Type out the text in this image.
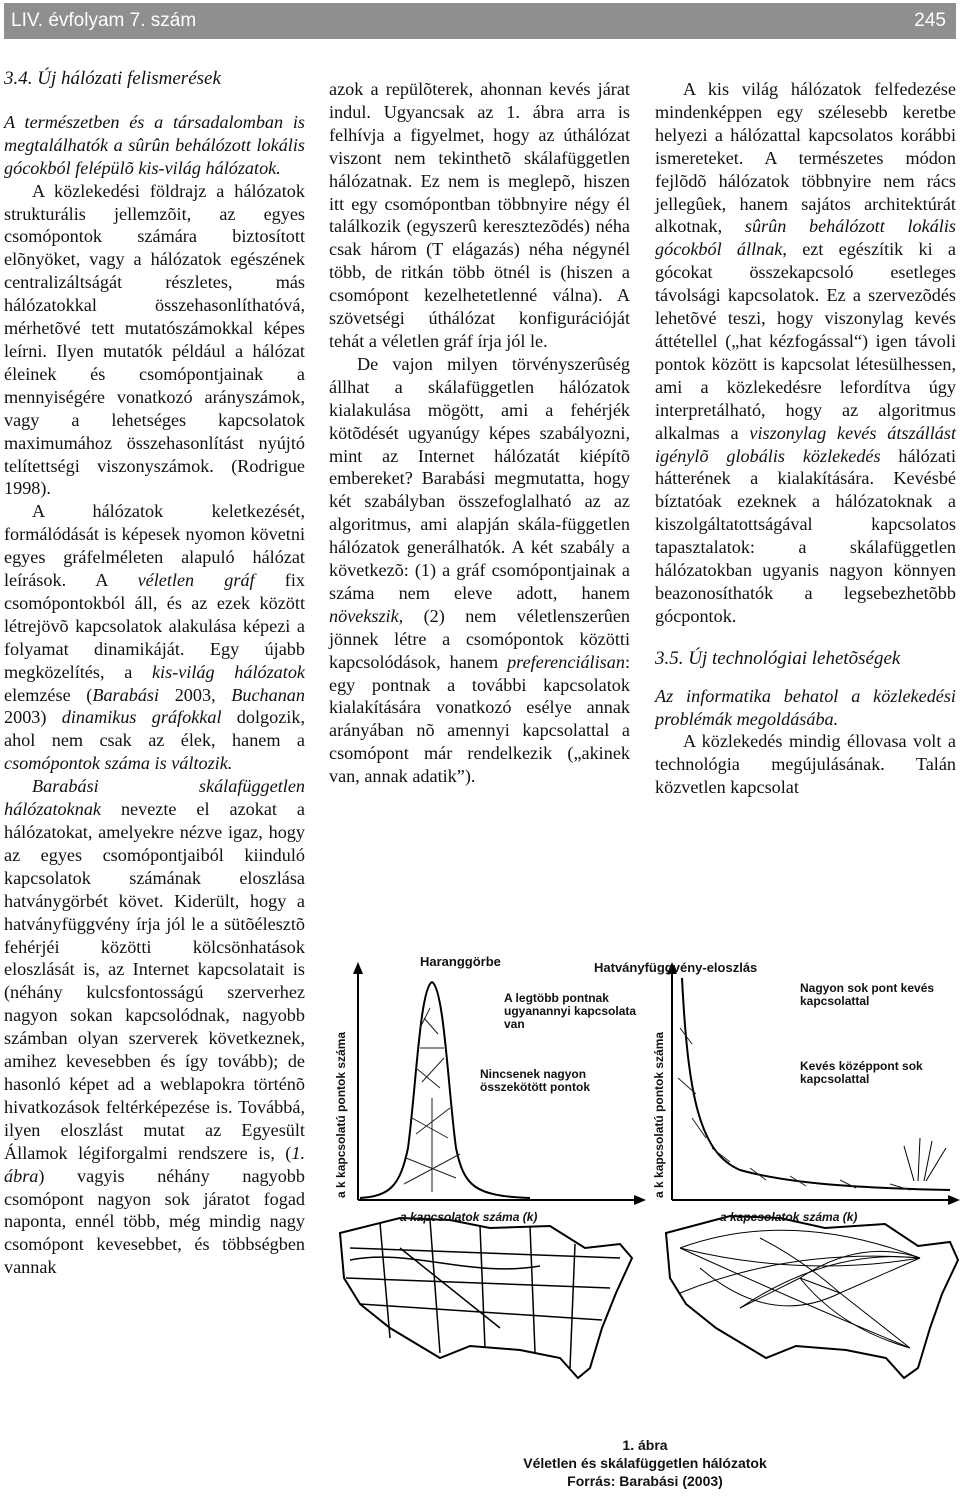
LIV. évfolyam 7. szám	245

3.4. Új hálózati felismerések

A természetben és a társadalomban is megtalálhatók a sûrûn behálózott lokális gócokból felépülõ kis-világ hálózatok.

A közlekedési földrajz a hálózatok strukturális jellemzõit, az egyes csomópontok számára biztosított elõnyöket, vagy a hálózatok egészének centralizáltságát részletes, más hálózatokkal összehasonlíthatóvá, mérhetõvé tett mutatószámokkal képes leírni. Ilyen mutatók például a hálózat éleinek és csomópontjainak a mennyiségére vonatkozó arányszámok, vagy a lehetséges kapcsolatok maximumához összehasonlítást nyújtó telítettségi viszonyszámok. (Rodrigue 1998).

A hálózatok keletkezését, formálódását is képesek nyomon követni egyes gráfelméleten alapuló hálózat leírások. A véletlen gráf fix csomópontokból áll, és az ezek között létrejövõ kapcsolatok alakulása képezi a folyamat dinamikáját. Egy újabb megközelítés, a kis-világ hálózatok elemzése (Barabási 2003, Buchanan 2003) dinamikus gráfokkal dolgozik, ahol nem csak az élek, hanem a csomópontok száma is változik.

Barabási skálafüggetlen hálózatoknak nevezte el azokat a hálózatokat, amelyekre nézve igaz, hogy az egyes csomópontjaiból kiinduló kapcsolatok számának eloszlása hatványgörbét követ. Kiderült, hogy a hatványfüggvény írja jól le a sütõélesztõ fehérjéi közötti kölcsönhatások eloszlását is, az Internet kapcsolatait is (néhány kulcsfontosságú szerverhez nagyon sokan kapcsolódnak, nagyobb számban olyan szerverek következnek, amihez kevesebben és így tovább); de hasonló képet ad a weblapokra történõ hivatkozások feltérképezése is. Továbbá, ilyen eloszlást mutat az Egyesült Államok légiforgalmi rendszere is, (1. ábra) vagyis néhány nagyobb csomópont nagyon sok járatot fogad naponta, ennél több, még mindig nagy csomópont kevesebbet, és többségben vannak

azok a repülõterek, ahonnan kevés járat indul. Ugyancsak az 1. ábra arra is felhívja a figyelmet, hogy az úthálózat viszont nem tekinthetõ skálafüggetlen hálózatnak. Ez nem is meglepõ, hiszen itt egy csomópontban többnyire négy él találkozik (egyszerû keresztezõdés) néha csak három (T elágazás) néha négynél több, de ritkán több ötnél is (hiszen a csomópont kezelhetetlenné válna). A szövetségi úthálózat konfigurációját tehát a véletlen gráf írja jól le.

De vajon milyen törvényszerûség állhat a skálafüggetlen hálózatok kialakulása mögött, ami a fehérjék kötõdését ugyanúgy képes szabályozni, mint az Internet hálózatát kiépítõ embereket? Barabási megmutatta, hogy két szabályban összefoglalható az az algoritmus, ami alapján skála-független hálózatok generálhatók. A két szabály a következõ: (1) a gráf csomópontjainak a száma nem eleve adott, hanem növekszik, (2) nem véletlenszerûen jönnek létre a csomópontok közötti kapcsolódások, hanem preferenciálisan: egy pontnak a további kapcsolatok kialakítására vonatkozó esélye annak arányában nõ amennyi kapcsolattal a csomópont már rendelkezik („akinek van, annak adatik”).

A kis világ hálózatok felfedezése mindenképpen egy szélesebb keretbe helyezi a hálózattal kapcsolatos korábbi ismereteket. A természetes módon fejlõdõ hálózatok többnyire nem rács jellegûek, hanem sajátos architektúrát alkotnak, sûrûn behálózott lokális gócokból állnak, ezt egészítik ki a gócokat összekapcsoló esetleges távolsági kapcsolatok. Ez a szervezõdés lehetõvé teszi, hogy viszonylag kevés áttétellel („hat kézfogással“) igen távoli pontok között is kapcsolat létesülhessen, ami a közlekedésre lefordítva úgy interpretálható, hogy az algoritmus alkalmas a viszonylag kevés átszállást igénylõ globális közlekedés hálózati hátterének a kialakítására. Kevésbé bíztatóak ezeknek a hálózatoknak a kiszolgáltatottságával kapcsolatos tapasztalatok: a skálafüggetlen hálózatokban ugyanis nagyon könnyen beazonosíthatók a legsebezhetõbb gócpontok.

3.5. Új technológiai lehetõségek

Az informatika behatol a közlekedési problémák megoldásába.

A közlekedés mindig éllovasa volt a technológia megújulásának. Talán közvetlen kapcsolat

Haranggörbe	Hatványfüggvény-eloszlás
A legtöbb pontnak ugyanannyi kapcsolata van
Nincsenek nagyon összekötött pontok
Nagyon sok pont kevés kapcsolattal
Kevés középpont sok kapcsolattal
a kapcsolatok száma (k)	a kapcsolatok száma (k)
a k kapcsolatú pontok száma	a k kapcsolatú pontok száma
1. ábra
Véletlen és skálafüggetlen hálózatok
Forrás: Barabási (2003)
